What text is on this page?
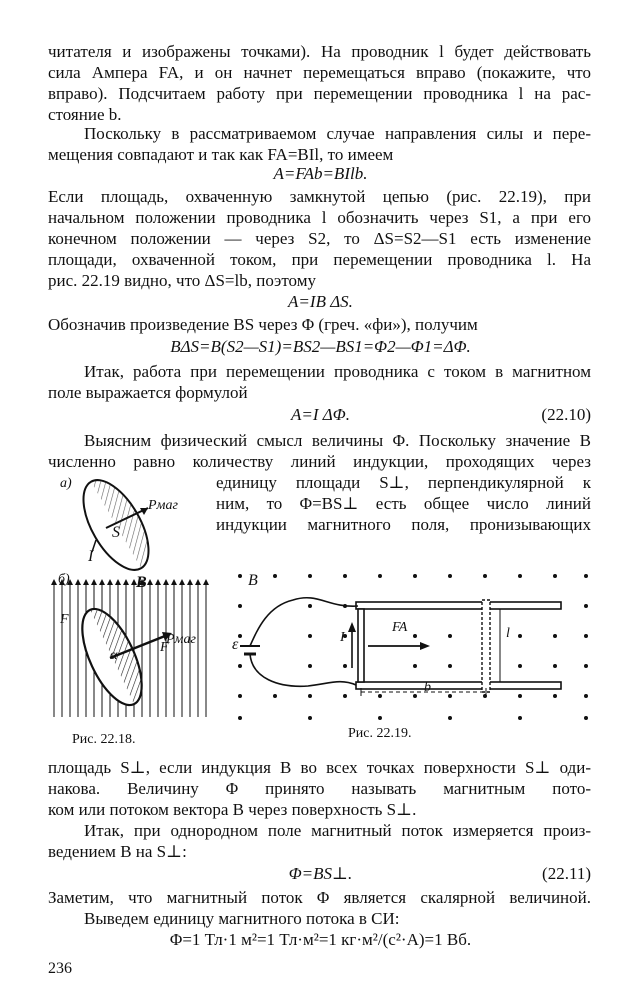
читателя и изображены точками). На проводник l будет действовать
сила Ампера FA, и он начнет перемещаться вправо (покажите, что
вправо). Подсчитаем работу при перемещении проводника l на рас-
стояние b.
Поскольку в рассматриваемом случае направления силы и пере-
мещения совпадают и так как FA=BIl, то имеем
A=FAb=BIlb.
Если площадь, охваченную замкнутой цепью (рис. 22.19), при
начальном положении проводника l обозначить через S1, а при его
конечном положении — через S2, то ΔS=S2—S1 есть изменение
площади, охваченной током, при перемещении проводника l. На
рис. 22.19 видно, что ΔS=lb, поэтому
A=IB ΔS.
Обозначив произведение BS через Φ (греч. «фи»), получим
BΔS=B(S2—S1)=BS2—BS1=Φ2—Φ1=ΔΦ.
Итак, работа при перемещении проводника с током в магнитном
поле выражается формулой
A=I ΔΦ.	(22.10)
Выясним физический смысл величины Φ. Поскольку значение B
численно равно количеству линий индукции, проходящих через
единицу площади S⊥, перпендикулярной к
ним, то Φ=BS⊥ есть общее число линий
индукции магнитного поля, пронизывающих
а)
Pмаг
S
I
б)	B
F
F
α
Pмаг
Рис. 22.18.
B
ε	I
FA	l
b
Рис. 22.19.
площадь S⊥, если индукция B во всех точках поверхности S⊥ оди-
накова. Величину Φ принято называть магнитным пото-
ком или потоком вектора B через поверхность S⊥.
Итак, при однородном поле магнитный поток измеряется произ-
ведением B на S⊥:
Φ=BS⊥.	(22.11)
Заметим, что магнитный поток Φ является скалярной величиной.
Выведем единицу магнитного потока в СИ:
Φ=1 Тл·1 м²=1 Тл·м²=1 кг·м²/(с²·А)=1 Вб.
236
